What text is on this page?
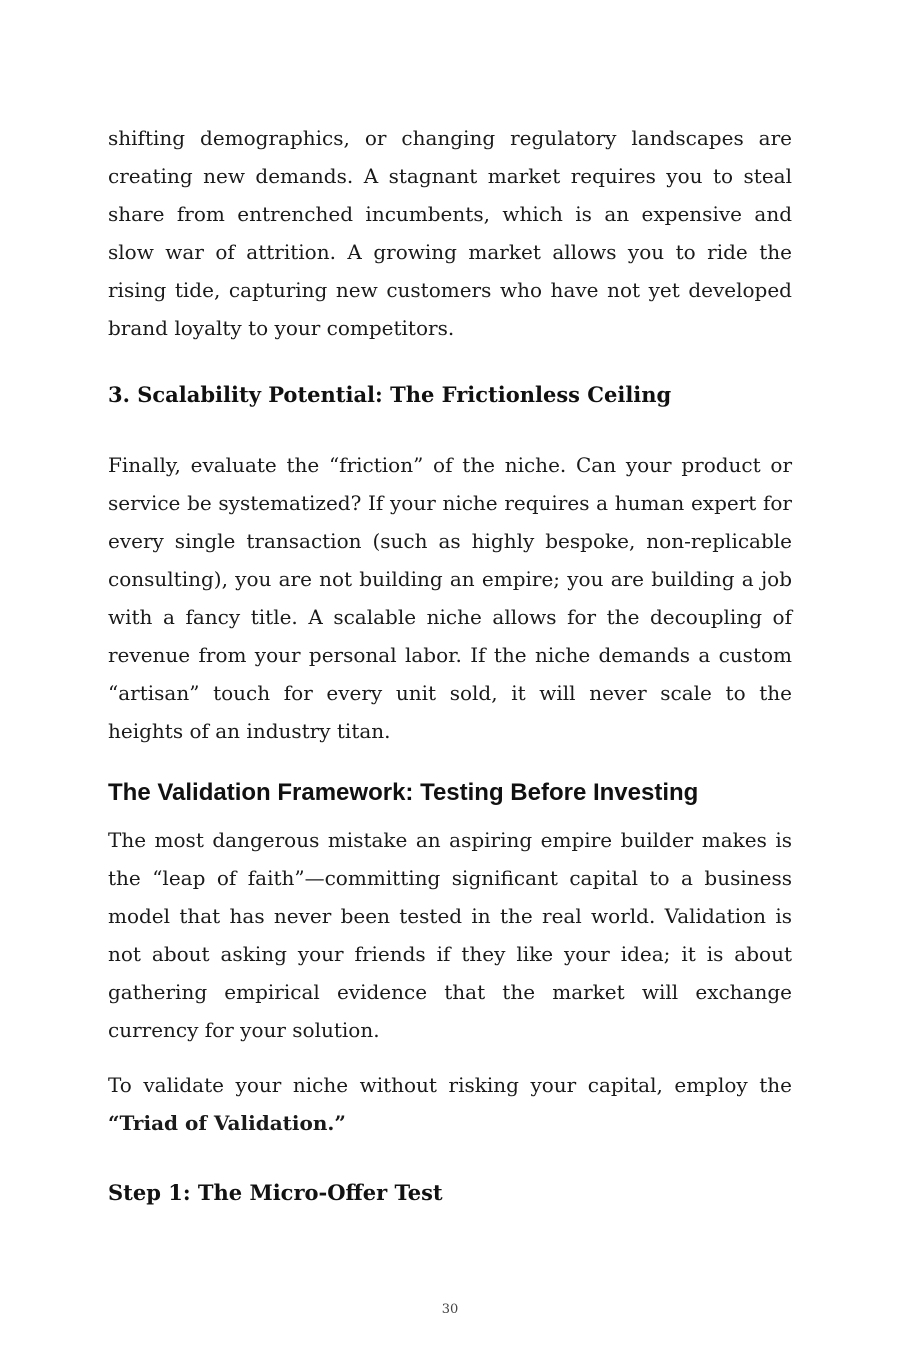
shifting demographics, or changing regulatory landscapes are creating new demands. A stagnant market requires you to steal share from entrenched incumbents, which is an expensive and slow war of attrition. A growing market allows you to ride the rising tide, capturing new customers who have not yet developed brand loyalty to your competitors.

3. Scalability Potential: The Frictionless Ceiling

Finally, evaluate the “friction” of the niche. Can your product or service be systematized? If your niche requires a human expert for every single transaction (such as highly bespoke, non-replicable consulting), you are not building an empire; you are building a job with a fancy title. A scalable niche allows for the decoupling of revenue from your personal labor. If the niche demands a custom “artisan” touch for every unit sold, it will never scale to the heights of an industry titan.

The Validation Framework: Testing Before Investing

The most dangerous mistake an aspiring empire builder makes is the “leap of faith”—committing significant capital to a business model that has never been tested in the real world. Validation is not about asking your friends if they like your idea; it is about gathering empirical evidence that the market will exchange currency for your solution.

To validate your niche without risking your capital, employ the “Triad of Validation.”

Step 1: The Micro-Offer Test
30
